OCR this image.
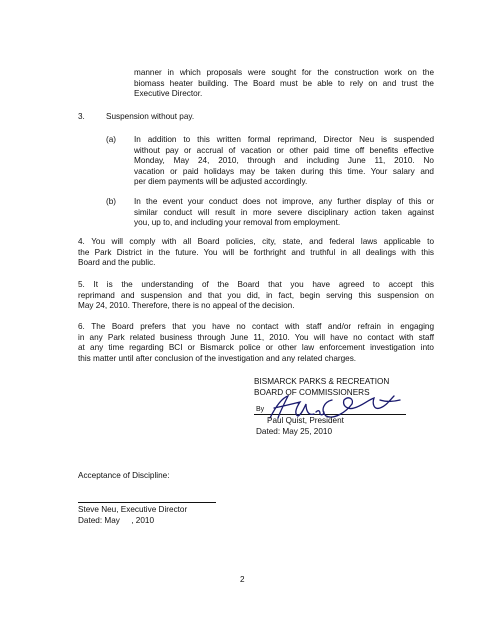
manner in which proposals were sought for the construction work on the
biomass heater building. The Board must be able to rely on and trust the
Executive Director.
3.	Suspension without pay.
(a) In addition to this written formal reprimand, Director Neu is suspended
without pay or accrual of vacation or other paid time off benefits effective
Monday, May 24, 2010, through and including June 11, 2010. No
vacation or paid holidays may be taken during this time. Your salary and
per diem payments will be adjusted accordingly.
(b) In the event your conduct does not improve, any further display of this or
similar conduct will result in more severe disciplinary action taken against
you, up to, and including your removal from employment.
4. You will comply with all Board policies, city, state, and federal laws applicable to
the Park District in the future. You will be forthright and truthful in all dealings with this
Board and the public.
5. It is the understanding of the Board that you have agreed to accept this
reprimand and suspension and that you did, in fact, begin serving this suspension on
May 24, 2010. Therefore, there is no appeal of the decision.
6. The Board prefers that you have no contact with staff and/or refrain in engaging
in any Park related business through June 11, 2010. You will have no contact with staff
at any time regarding BCI or Bismarck police or other law enforcement investigation into
this matter until after conclusion of the investigation and any related charges.
BISMARCK PARKS & RECREATION
BOARD OF COMMISSIONERS
By
Paul Quist, President
Dated: May 25, 2010
Acceptance of Discipline:
Steve Neu, Executive Director
Dated: May     , 2010
2
